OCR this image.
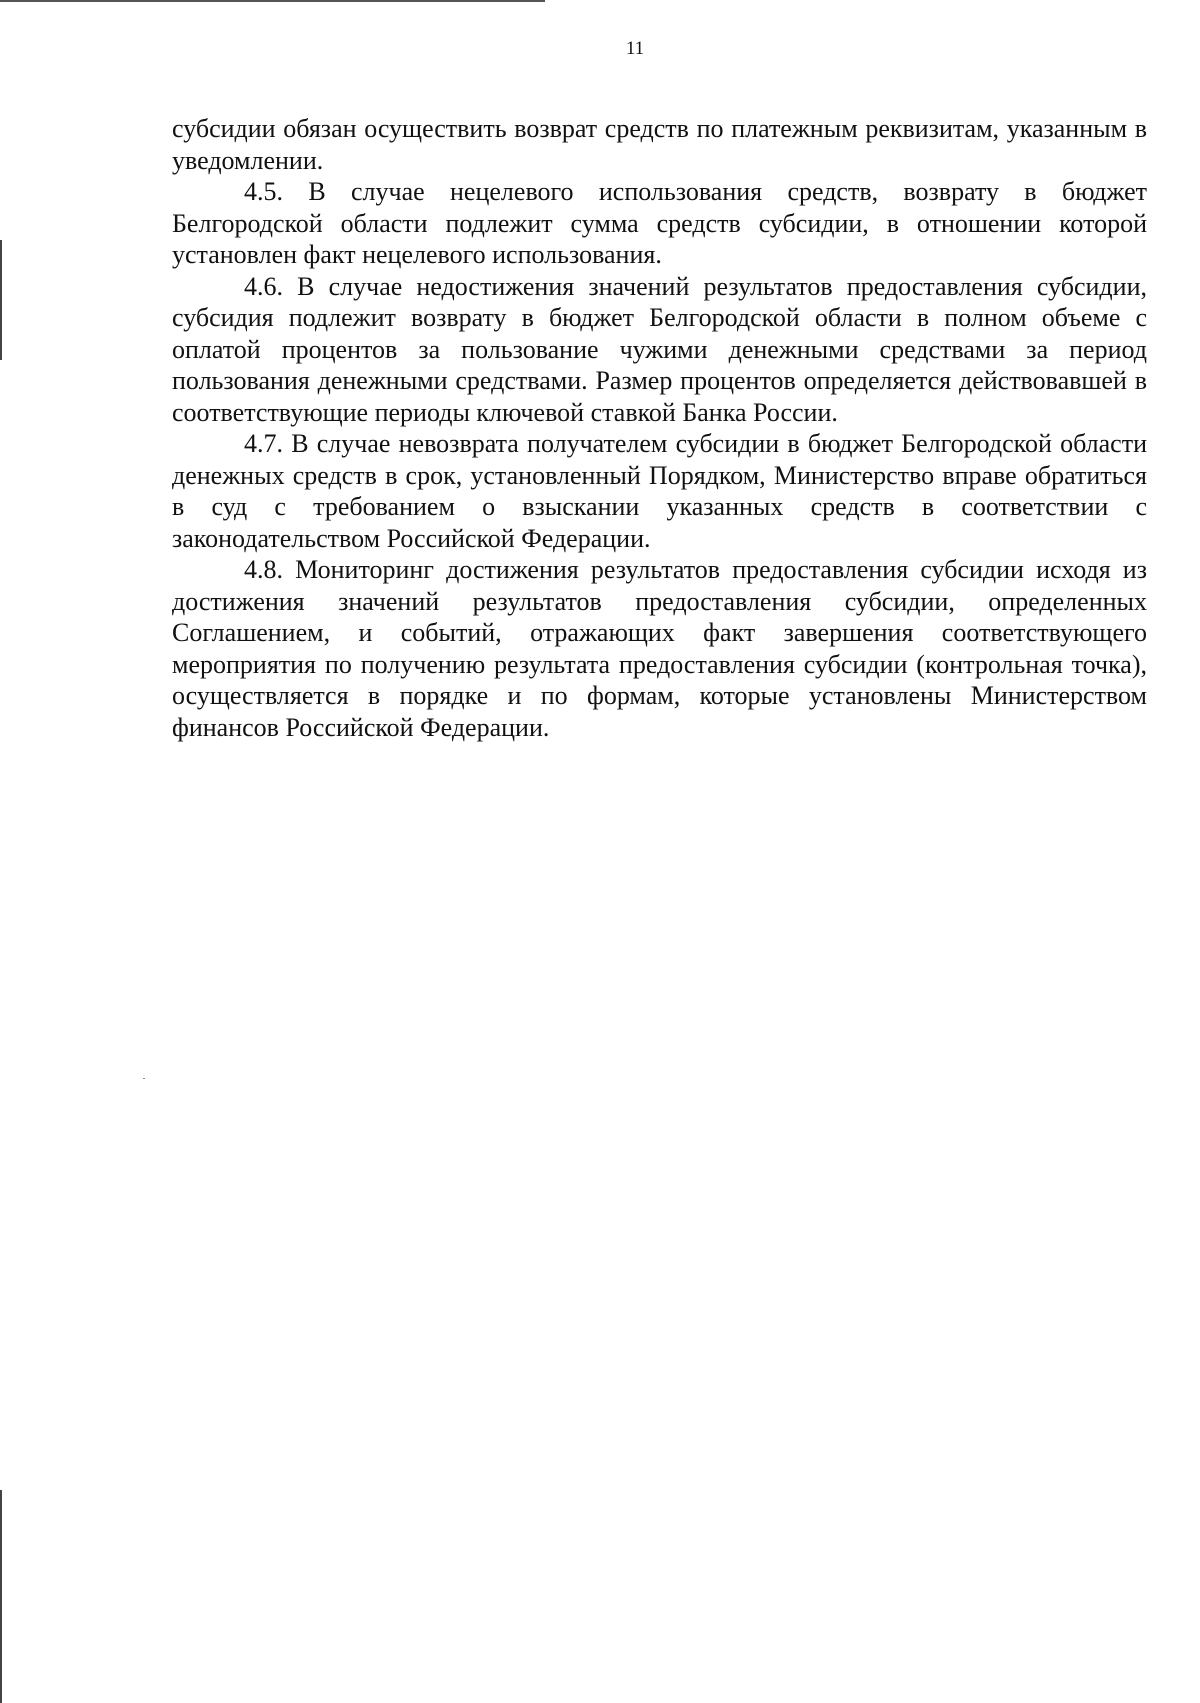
11

субсидии обязан осуществить возврат средств по платежным реквизитам, указанным в уведомлении.

4.5. В случае нецелевого использования средств, возврату в бюджет Белгородской области подлежит сумма средств субсидии, в отношении которой установлен факт нецелевого использования.

4.6. В случае недостижения значений результатов предоставления субсидии, субсидия подлежит возврату в бюджет Белгородской области в полном объеме с оплатой процентов за пользование чужими денежными средствами за период пользования денежными средствами. Размер процентов определяется действовавшей в соответствующие периоды ключевой ставкой Банка России.

4.7. В случае невозврата получателем субсидии в бюджет Белгородской области денежных средств в срок, установленный Порядком, Министерство вправе обратиться в суд с требованием о взыскании указанных средств в соответствии с законодательством Российской Федерации.

4.8. Мониторинг достижения результатов предоставления субсидии исходя из достижения значений результатов предоставления субсидии, определенных Соглашением, и событий, отражающих факт завершения соответствующего мероприятия по получению результата предоставления субсидии (контрольная точка), осуществляется в порядке и по формам, которые установлены Министерством финансов Российской Федерации.
